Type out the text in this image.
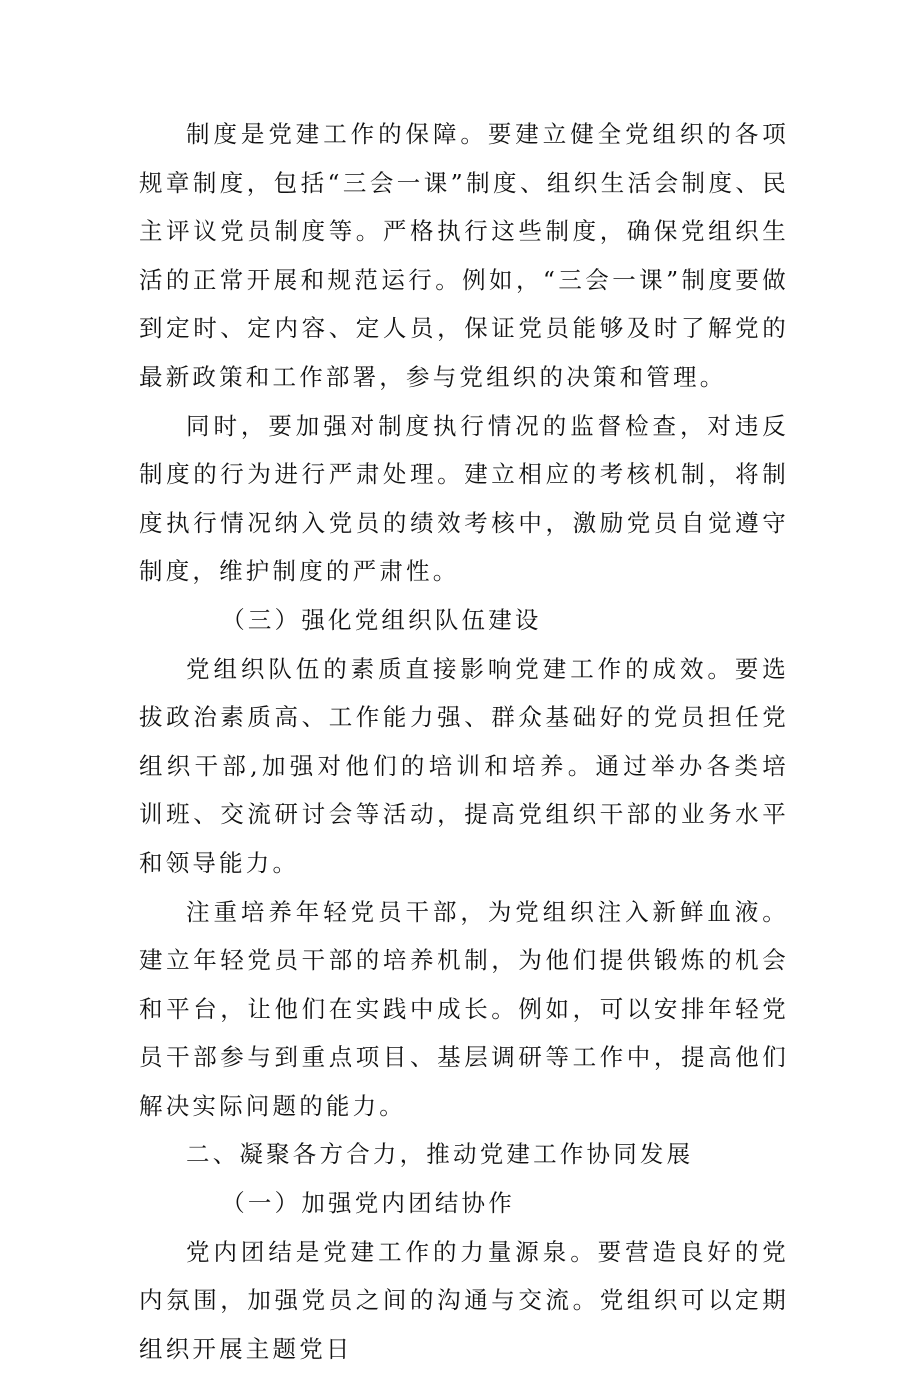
制度是党建工作的保障。要建立健全党组织的各项规章制度，包括“三会一课”制度、组织生活会制度、民主评议党员制度等。严格执行这些制度，确保党组织生活的正常开展和规范运行。例如，“三会一课”制度要做到定时、定内容、定人员，保证党员能够及时了解党的最新政策和工作部署，参与党组织的决策和管理。

同时，要加强对制度执行情况的监督检查，对违反制度的行为进行严肃处理。建立相应的考核机制，将制度执行情况纳入党员的绩效考核中，激励党员自觉遵守制度，维护制度的严肃性。

（三）强化党组织队伍建设

党组织队伍的素质直接影响党建工作的成效。要选拔政治素质高、工作能力强、群众基础好的党员担任党组织干部,加强对他们的培训和培养。通过举办各类培训班、交流研讨会等活动，提高党组织干部的业务水平和领导能力。

注重培养年轻党员干部，为党组织注入新鲜血液。建立年轻党员干部的培养机制，为他们提供锻炼的机会和平台，让他们在实践中成长。例如，可以安排年轻党员干部参与到重点项目、基层调研等工作中，提高他们解决实际问题的能力。

二、凝聚各方合力，推动党建工作协同发展

（一）加强党内团结协作

党内团结是党建工作的力量源泉。要营造良好的党内氛围，加强党员之间的沟通与交流。党组织可以定期组织开展主题党日
